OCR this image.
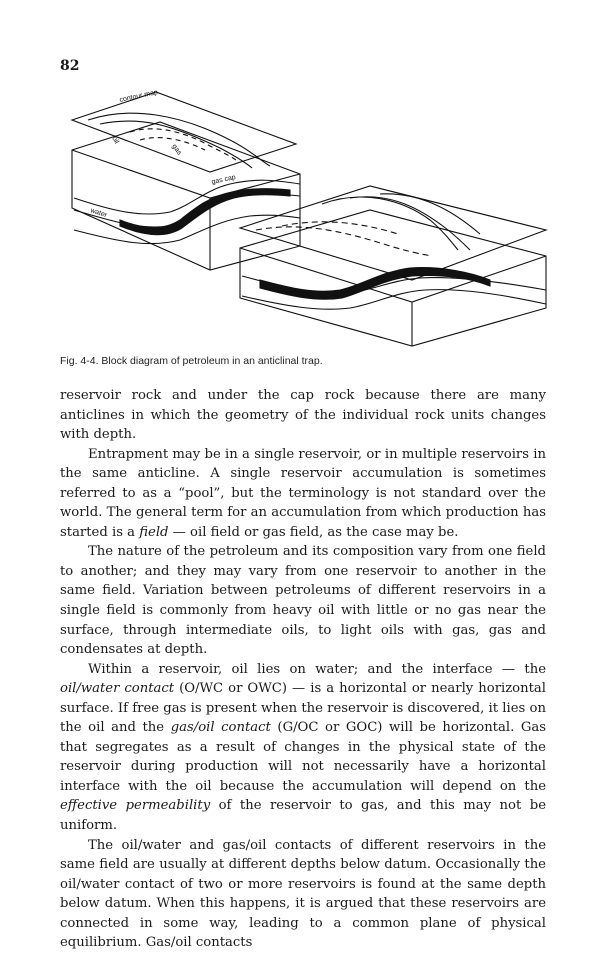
82
contour map
oil
gas
gas cap
water
Fig. 4-4. Block diagram of petroleum in an anticlinal trap.

reservoir rock and under the cap rock because there are many anticlines in which the geometry of the individual rock units changes with depth.

Entrapment may be in a single reservoir, or in multiple reservoirs in the same anticline. A single reservoir accumulation is sometimes referred to as a “pool”, but the terminology is not standard over the world. The general term for an accumulation from which production has started is a field — oil field or gas field, as the case may be.

The nature of the petroleum and its composition vary from one field to another; and they may vary from one reservoir to another in the same field. Variation between petroleums of different reservoirs in a single field is commonly from heavy oil with little or no gas near the surface, through intermediate oils, to light oils with gas, gas and condensates at depth.

Within a reservoir, oil lies on water; and the interface — the oil/water contact (O/WC or OWC) — is a horizontal or nearly horizontal surface. If free gas is present when the reservoir is discovered, it lies on the oil and the gas/oil contact (G/OC or GOC) will be horizontal. Gas that segregates as a result of changes in the physical state of the reservoir during production will not necessarily have a horizontal interface with the oil because the accumulation will depend on the effective permeability of the reservoir to gas, and this may not be uniform.

The oil/water and gas/oil contacts of different reservoirs in the same field are usually at different depths below datum. Occasionally the oil/water contact of two or more reservoirs is found at the same depth below datum. When this happens, it is argued that these reservoirs are connected in some way, leading to a common plane of physical equilibrium. Gas/oil contacts
